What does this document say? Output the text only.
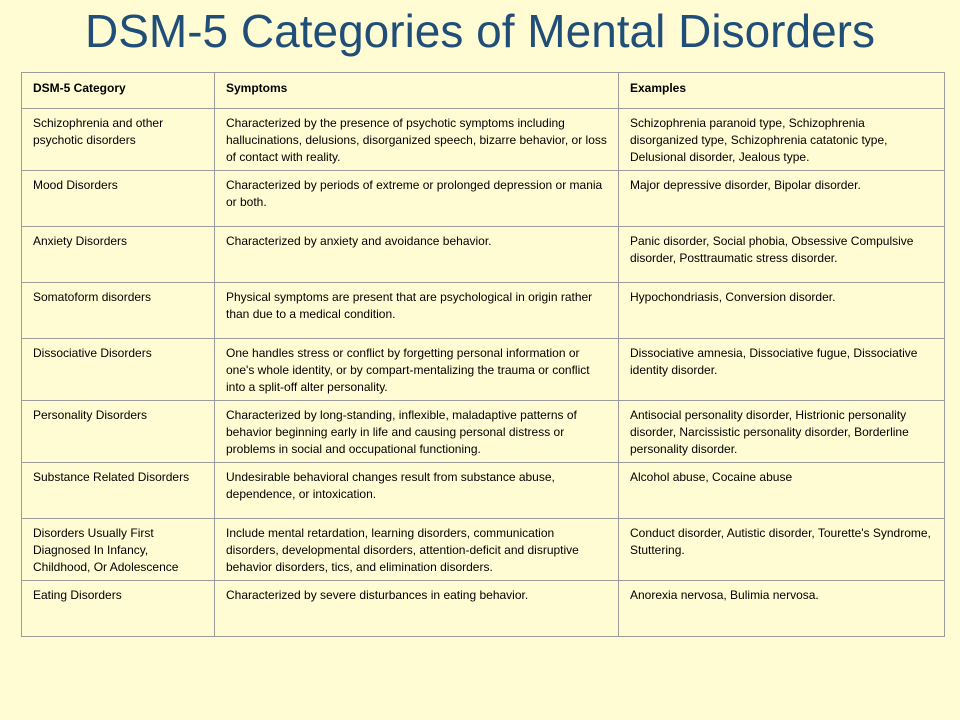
DSM-5 Categories of Mental Disorders
DSM-5 Category	Symptoms	Examples
Schizophrenia and other psychotic disorders	Characterized by the presence of psychotic symptoms including hallucinations, delusions, disorganized speech, bizarre behavior, or loss of contact with reality.	Schizophrenia paranoid type, Schizophrenia disorganized type, Schizophrenia catatonic type, Delusional disorder, Jealous type.
Mood Disorders	Characterized by periods of extreme or prolonged depression or mania or both.	Major depressive disorder, Bipolar disorder.
Anxiety Disorders	Characterized by anxiety and avoidance behavior.	Panic disorder, Social phobia, Obsessive Compulsive disorder, Posttraumatic stress disorder.
Somatoform disorders	Physical symptoms are present that are psychological in origin rather than due to a medical condition.	Hypochondriasis, Conversion disorder.
Dissociative Disorders	One handles stress or conflict by forgetting personal information or one's whole identity, or by compart-mentalizing the trauma or conflict into a split-off alter personality.	Dissociative amnesia, Dissociative fugue, Dissociative identity disorder.
Personality Disorders	Characterized by long-standing, inflexible, maladaptive patterns of behavior beginning early in life and causing personal distress or problems in social and occupational functioning.	Antisocial personality disorder, Histrionic personality disorder, Narcissistic personality disorder, Borderline personality disorder.
Substance Related Disorders	Undesirable behavioral changes result from substance abuse, dependence, or intoxication.	Alcohol abuse, Cocaine abuse
Disorders Usually First Diagnosed In Infancy, Childhood, Or Adolescence	Include mental retardation, learning disorders, communication disorders, developmental disorders, attention-deficit and disruptive behavior disorders, tics, and elimination disorders.	Conduct disorder, Autistic disorder, Tourette's Syndrome, Stuttering.
Eating Disorders	Characterized by severe disturbances in eating behavior.	Anorexia nervosa, Bulimia nervosa.
